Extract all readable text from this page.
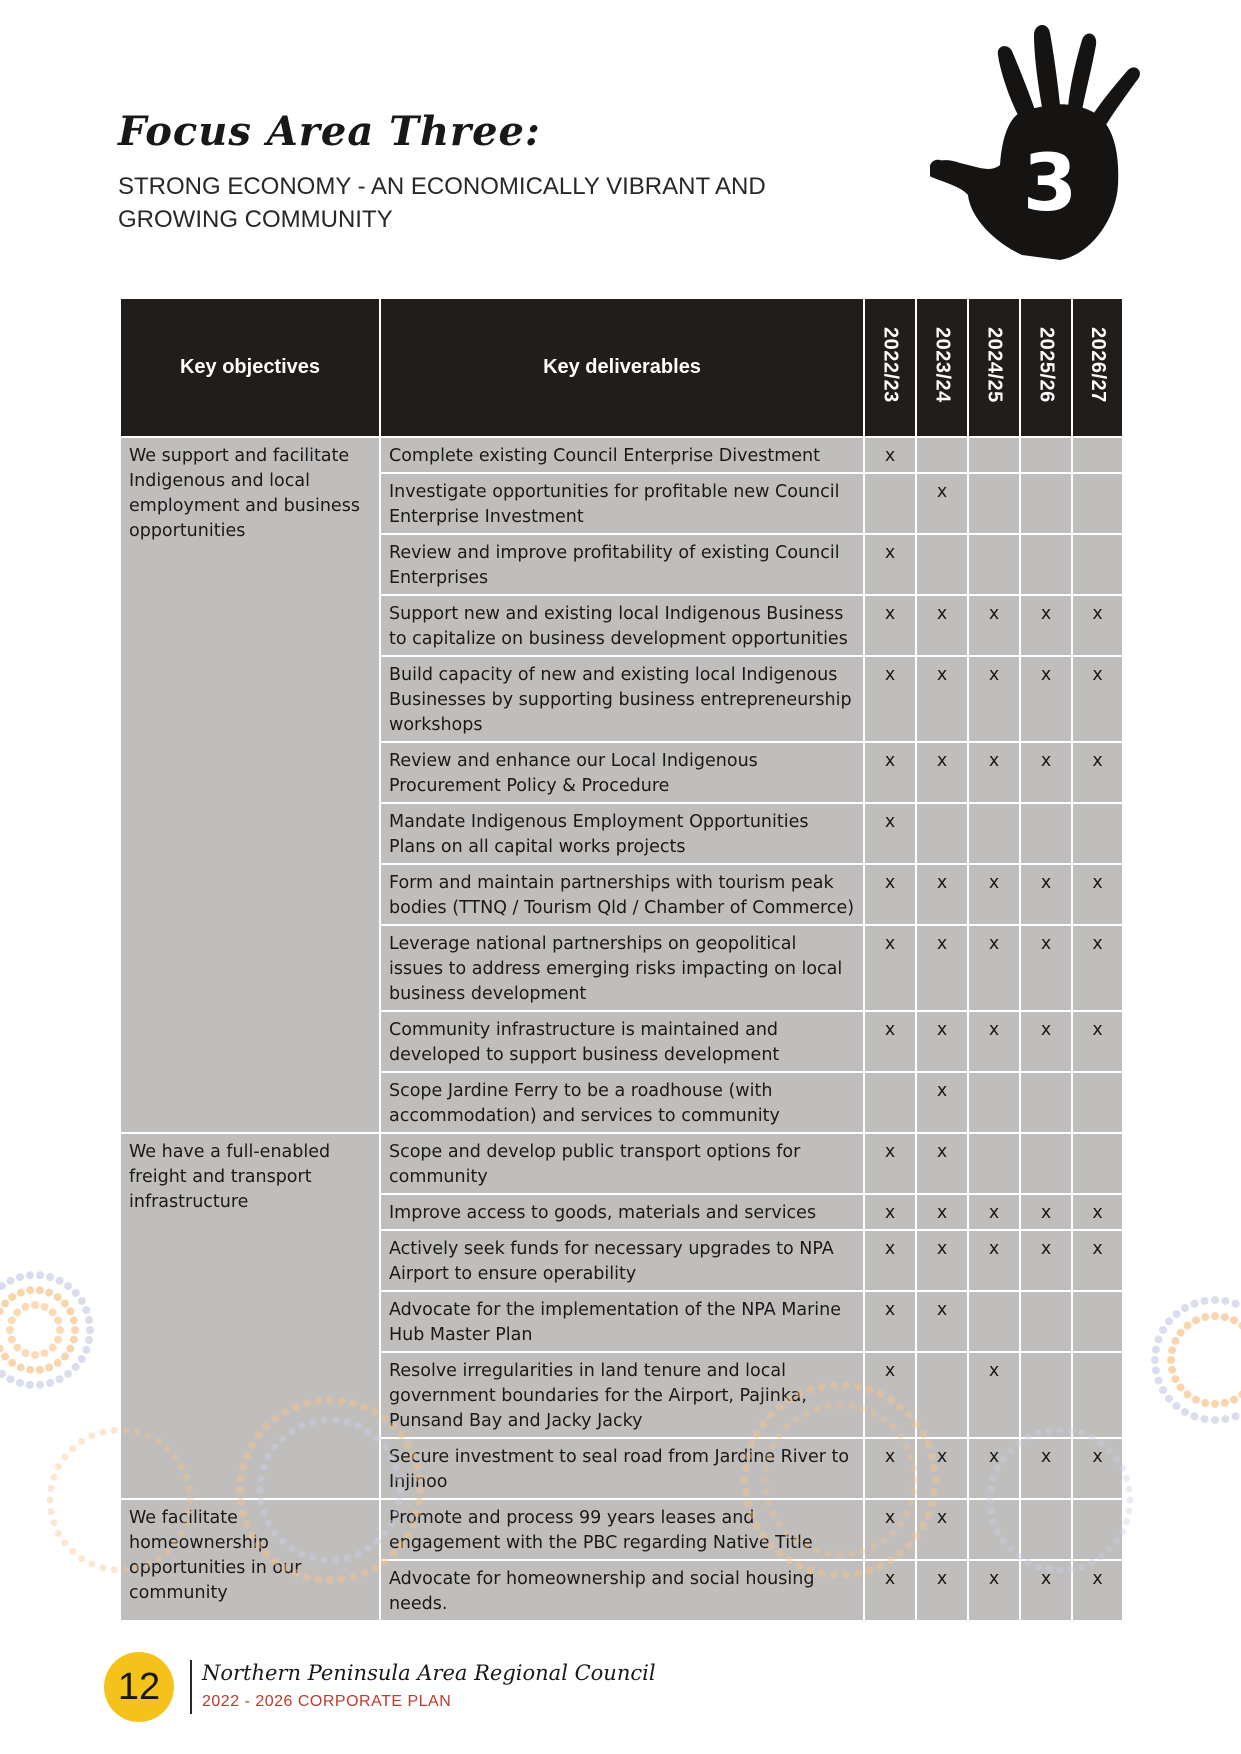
Focus Area Three:
STRONG ECONOMY - AN ECONOMICALLY VIBRANT AND
GROWING COMMUNITY	3
Key objectives	Key deliverables	2022/23	2023/24	2024/25	2025/26	2026/27
We support and facilitate Indigenous and local employment and business opportunities	Complete existing Council Enterprise Divestment	x				
	Investigate opportunities for profitable new Council Enterprise Investment		x			
	Review and improve profitability of existing Council Enterprises	x				
	Support new and existing local Indigenous Business to capitalize on business development opportunities	x	x	x	x	x
	Build capacity of new and existing local Indigenous Businesses by supporting business entrepreneurship workshops	x	x	x	x	x
	Review and enhance our Local Indigenous Procurement Policy & Procedure	x	x	x	x	x
	Mandate Indigenous Employment Opportunities Plans on all capital works projects	x				
	Form and maintain partnerships with tourism peak bodies (TTNQ / Tourism Qld / Chamber of Commerce)	x	x	x	x	x
	Leverage national partnerships on geopolitical issues to address emerging risks impacting on local business development	x	x	x	x	x
	Community infrastructure is maintained and developed to support business development	x	x	x	x	x
	Scope Jardine Ferry to be a roadhouse (with accommodation) and services to community		x			
We have a full-enabled freight and transport infrastructure	Scope and develop public transport options for community	x	x			
	Improve access to goods, materials and services	x	x	x	x	x
	Actively seek funds for necessary upgrades to NPA Airport to ensure operability	x	x	x	x	x
	Advocate for the implementation of the NPA Marine Hub Master Plan	x	x			
	Resolve irregularities in land tenure and local government boundaries for the Airport, Pajinka, Punsand Bay and Jacky Jacky	x		x		
	Secure investment to seal road from Jardine River to Injinoo	x	x	x	x	x
We facilitate homeownership opportunities in our community	Promote and process 99 years leases and engagement with the PBC regarding Native Title	x	x			
	Advocate for homeownership and social housing needs.	x	x	x	x	x
12	Northern Peninsula Area Regional Council
2022 - 2026 CORPORATE PLAN
